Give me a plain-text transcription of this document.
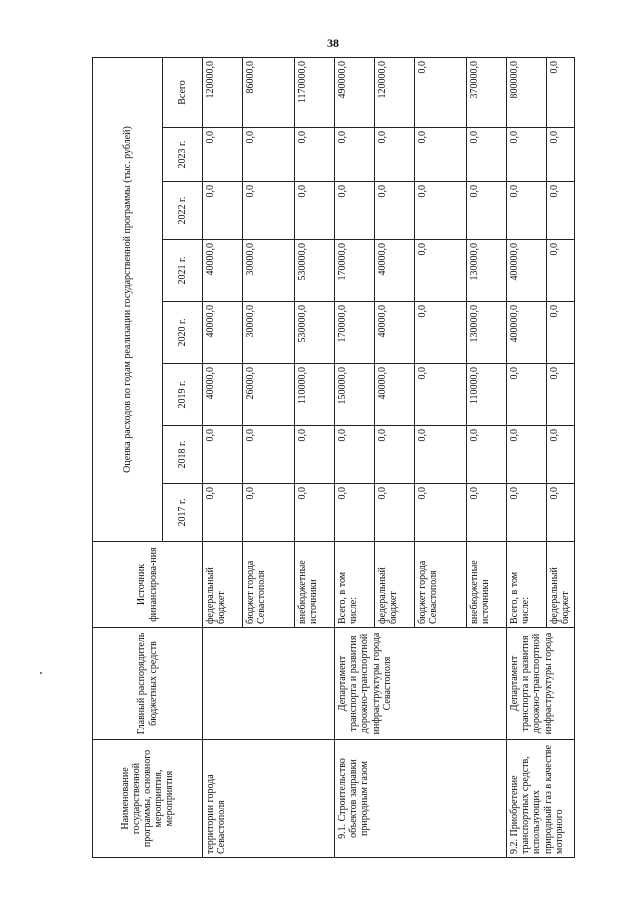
38
Наименование государственной программы, основного мероприятия, мероприятия	Главный распорядитель бюджетных средств	Источник финансирова-ния	Оценка расходов по годам реализации государственной программы (тыс. рублей)							
			2017 г.	2018 г.	2019 г.	2020 г.	2021 г.	2022 г.	2023 г.	Всего
территории города Севастополя		федеральный бюджет	0,0	0,0	40000,0	40000,0	40000,0	0,0	0,0	120000,0
		бюджет города Севастополя	0,0	0,0	26000,0	30000,0	30000,0	0,0	0,0	86000,0
		внебюджетные источники	0,0	0,0	110000,0	530000,0	530000,0	0,0	0,0	1170000,0
9.1. Строительство объектов заправки природным газом	Департамент транспорта и развития дорожно-транспортной инфраструктуры города Севастополя	Всего, в том числе:	0,0	0,0	150000,0	170000,0	170000,0	0,0	0,0	490000,0
		федеральный бюджет	0,0	0,0	40000,0	40000,0	40000,0	0,0	0,0	120000,0
		бюджет города Севастополя	0,0	0,0	0,0	0,0	0,0	0,0	0,0	0,0
		внебюджетные источники	0,0	0,0	110000,0	130000,0	130000,0	0,0	0,0	370000,0
9.2. Приобретение транспортных средств, использующих природный газ в качестве моторного	Департамент транспорта и развития дорожно-транспортной инфраструктуры города	Всего, в том числе:	0,0	0,0	0,0	400000,0	400000,0	0,0	0,0	800000,0
		федеральный бюджет	0,0	0,0	0,0	0,0	0,0	0,0	0,0	0,0
